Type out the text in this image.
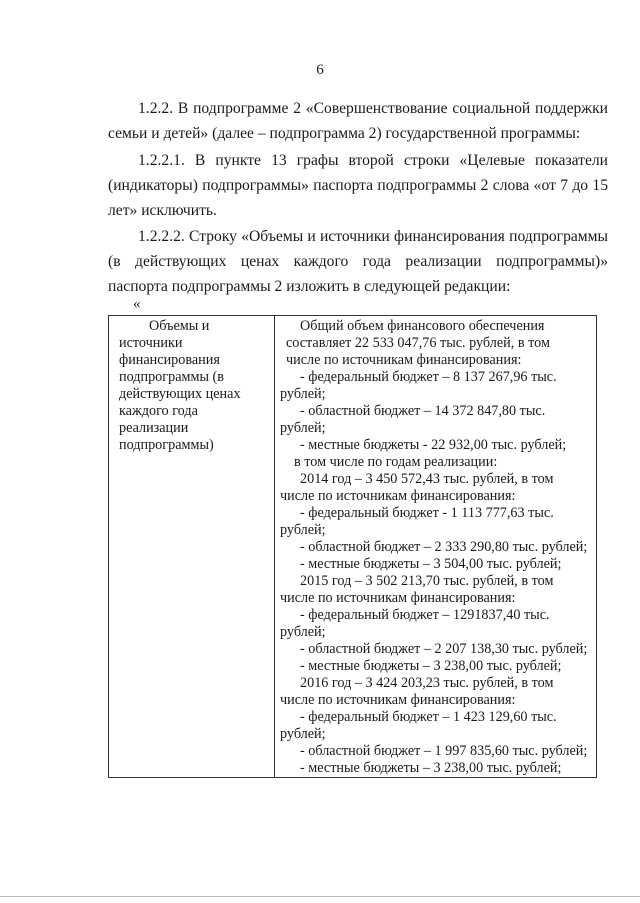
6
1.2.2. В подпрограмме 2 «Совершенствование социальной поддержки семьи и детей» (далее – подпрограмма 2) государственной программы:
1.2.2.1. В пункте 13 графы второй строки «Целевые показатели (индикаторы) подпрограммы» паспорта подпрограммы 2 слова «от 7 до 15 лет» исключить.
1.2.2.2. Строку «Объемы и источники финансирования подпрограммы (в действующих ценах каждого года реализации подпрограммы)» паспорта подпрограммы 2 изложить в следующей редакции:
«
Объемы и
источники
финансирования
подпрограммы (в
действующих ценах
каждого года
реализации
подпрограммы)

Общий объем финансового обеспечения
составляет 22 533 047,76 тыс. рублей, в том
числе по источникам финансирования:
- федеральный бюджет – 8 137 267,96 тыс.
рублей;
- областной бюджет – 14 372 847,80 тыс.
рублей;
- местные бюджеты - 22 932,00 тыс. рублей;
в том числе по годам реализации:
2014 год – 3 450 572,43 тыс. рублей, в том
числе по источникам финансирования:
- федеральный бюджет - 1 113 777,63 тыс.
рублей;
- областной бюджет – 2 333 290,80 тыс. рублей;
- местные бюджеты – 3 504,00 тыс. рублей;
2015 год – 3 502 213,70 тыс. рублей, в том
числе по источникам финансирования:
- федеральный бюджет – 1291837,40 тыс.
рублей;
- областной бюджет – 2 207 138,30 тыс. рублей;
- местные бюджеты – 3 238,00 тыс. рублей;
2016 год – 3 424 203,23 тыс. рублей, в том
числе по источникам финансирования:
- федеральный бюджет – 1 423 129,60 тыс.
рублей;
- областной бюджет – 1 997 835,60 тыс. рублей;
- местные бюджеты – 3 238,00 тыс. рублей;
